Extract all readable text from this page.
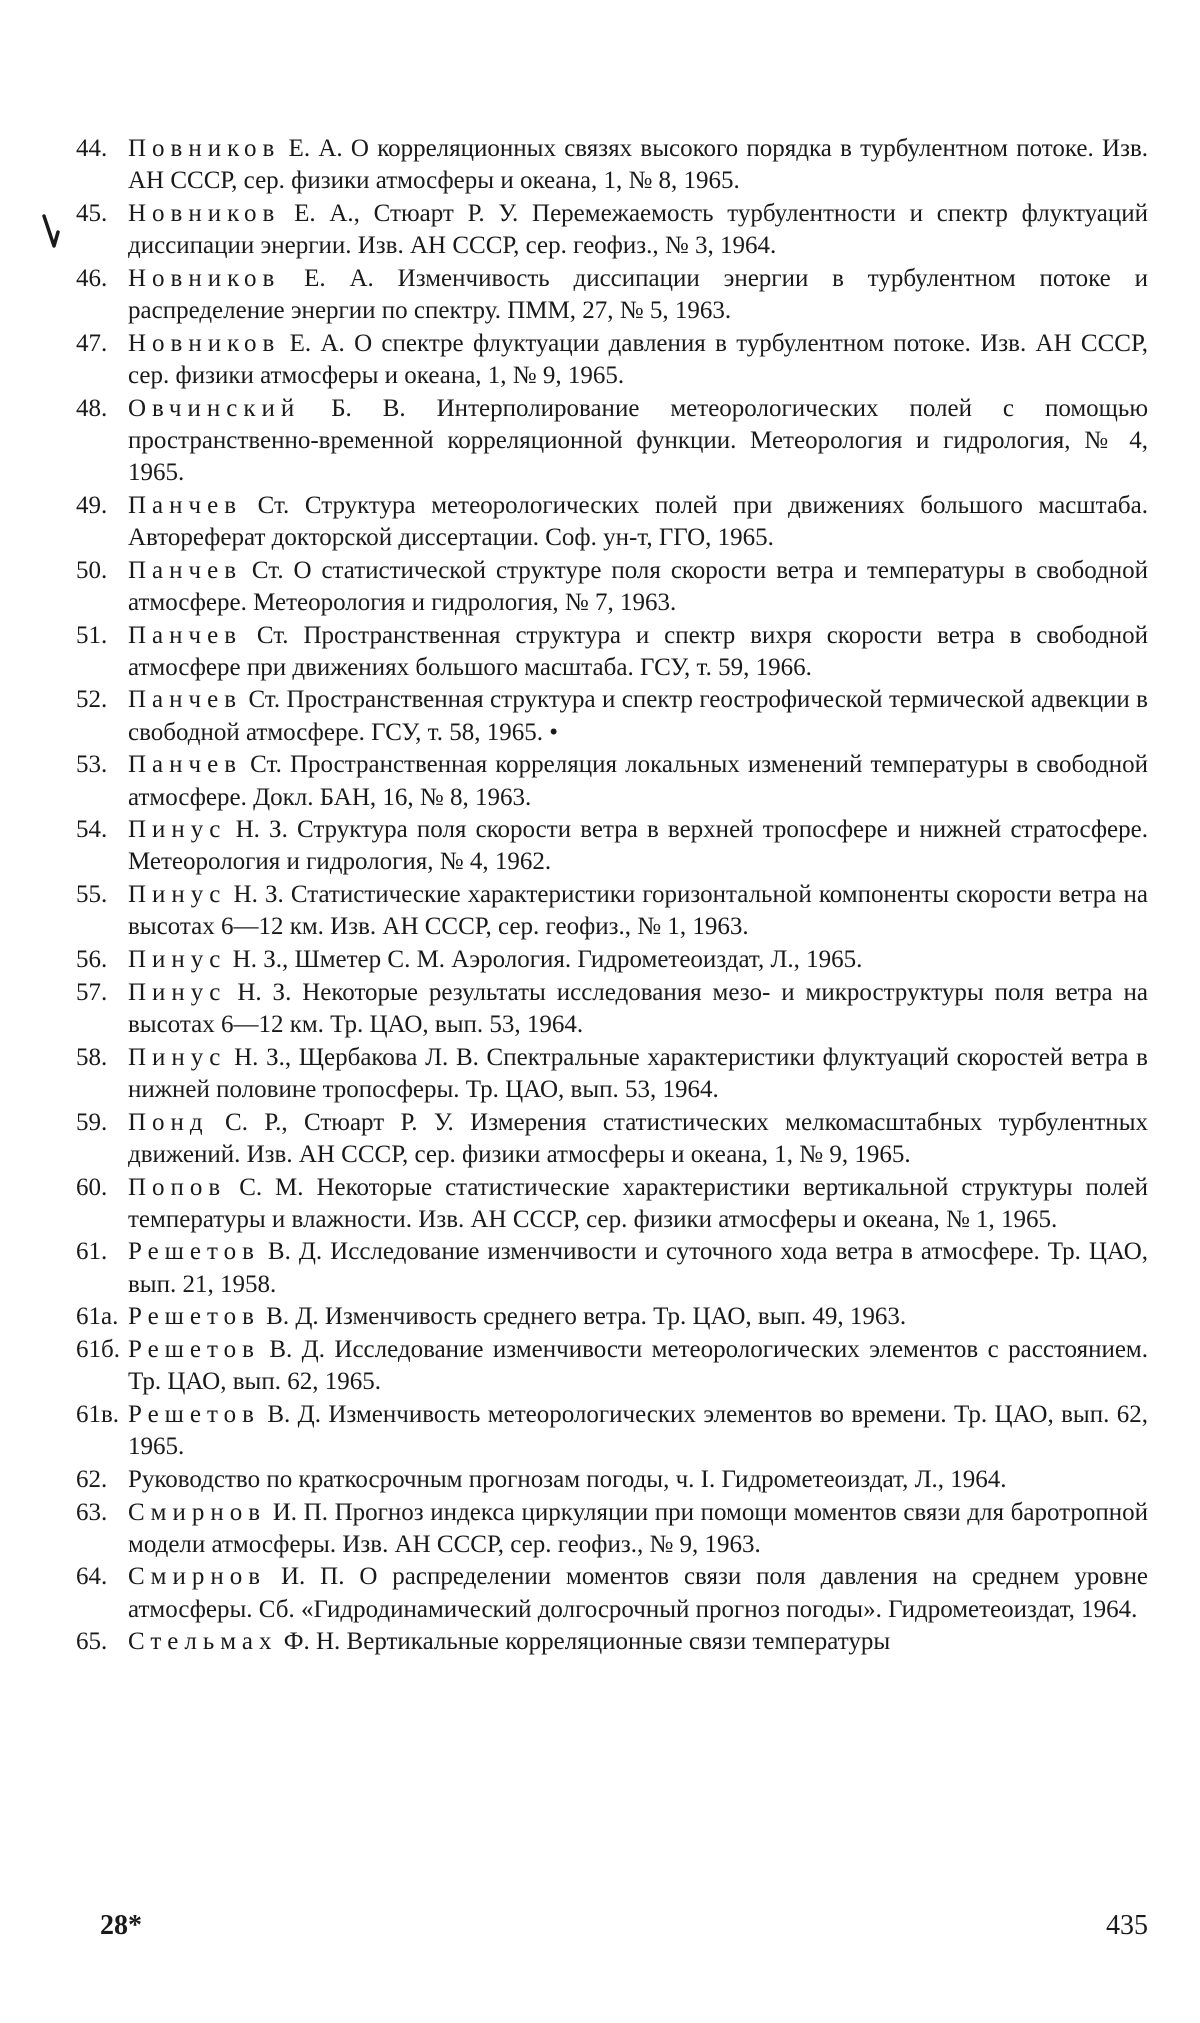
44. Повников Е. А. О корреляционных связях высокого порядка в турбулентном потоке. Изв. АН СССР, сер. физики атмосферы и океана, 1, № 8, 1965.
45. Новников Е. А., Стюарт Р. У. Перемежаемость турбулентности и спектр флуктуаций диссипации энергии. Изв. АН СССР, сер. геофиз., № 3, 1964.
46. Новников Е. А. Изменчивость диссипации энергии в турбулентном потоке и распределение энергии по спектру. ПММ, 27, № 5, 1963.
47. Новников Е. А. О спектре флуктуации давления в турбулентном потоке. Изв. АН СССР, сер. физики атмосферы и океана, 1, № 9, 1965.
48. Овчинский Б. В. Интерполирование метеорологических полей с помощью пространственно-временной корреляционной функции. Метеорология и гидрология, № 4, 1965.
49. Панчев Ст. Структура метеорологических полей при движениях большого масштаба. Автореферат докторской диссертации. Соф. ун-т, ГГО, 1965.
50. Панчев Ст. О статистической структуре поля скорости ветра и температуры в свободной атмосфере. Метеорология и гидрология, № 7, 1963.
51. Панчев Ст. Пространственная структура и спектр вихря скорости ветра в свободной атмосфере при движениях большого масштаба. ГСУ, т. 59, 1966.
52. Панчев Ст. Пространственная структура и спектр геострофической термической адвекции в свободной атмосфере. ГСУ, т. 58, 1965. •
53. Панчев Ст. Пространственная корреляция локальных изменений температуры в свободной атмосфере. Докл. БАН, 16, № 8, 1963.
54. Пинус Н. З. Структура поля скорости ветра в верхней тропосфере и нижней стратосфере. Метеорология и гидрология, № 4, 1962.
55. Пинус Н. З. Статистические характеристики горизонтальной компоненты скорости ветра на высотах 6—12 км. Изв. АН СССР, сер. геофиз., № 1, 1963.
56. Пинус Н. З., Шметер С. М. Аэрология. Гидрометеоиздат, Л., 1965.
57. Пинус Н. З. Некоторые результаты исследования мезо- и микроструктуры поля ветра на высотах 6—12 км. Тр. ЦАО, вып. 53, 1964.
58. Пинус Н. З., Щербакова Л. В. Спектральные характеристики флуктуаций скоростей ветра в нижней половине тропосферы. Тр. ЦАО, вып. 53, 1964.
59. Понд С. Р., Стюарт Р. У. Измерения статистических мелкомасштабных турбулентных движений. Изв. АН СССР, сер. физики атмосферы и океана, 1, № 9, 1965.
60. Попов С. М. Некоторые статистические характеристики вертикальной структуры полей температуры и влажности. Изв. АН СССР, сер. физики атмосферы и океана, № 1, 1965.
61. Решетов В. Д. Исследование изменчивости и суточного хода ветра в атмосфере. Тр. ЦАО, вып. 21, 1958.
61а. Решетов В. Д. Изменчивость среднего ветра. Тр. ЦАО, вып. 49, 1963.
61б. Решетов В. Д. Исследование изменчивости метеорологических элементов с расстоянием. Тр. ЦАО, вып. 62, 1965.
61в. Решетов В. Д. Изменчивость метеорологических элементов во времени. Тр. ЦАО, вып. 62, 1965.
62. Руководство по краткосрочным прогнозам погоды, ч. I. Гидрометеоиздат, Л., 1964.
63. Смирнов И. П. Прогноз индекса циркуляции при помощи моментов связи для баротропной модели атмосферы. Изв. АН СССР, сер. геофиз., № 9, 1963.
64. Смирнов И. П. О распределении моментов связи поля давления на среднем уровне атмосферы. Сб. «Гидродинамический долгосрочный прогноз погоды». Гидрометеоиздат, 1964.
65. Стельмах Ф. Н. Вертикальные корреляционные связи температуры
28*	435
